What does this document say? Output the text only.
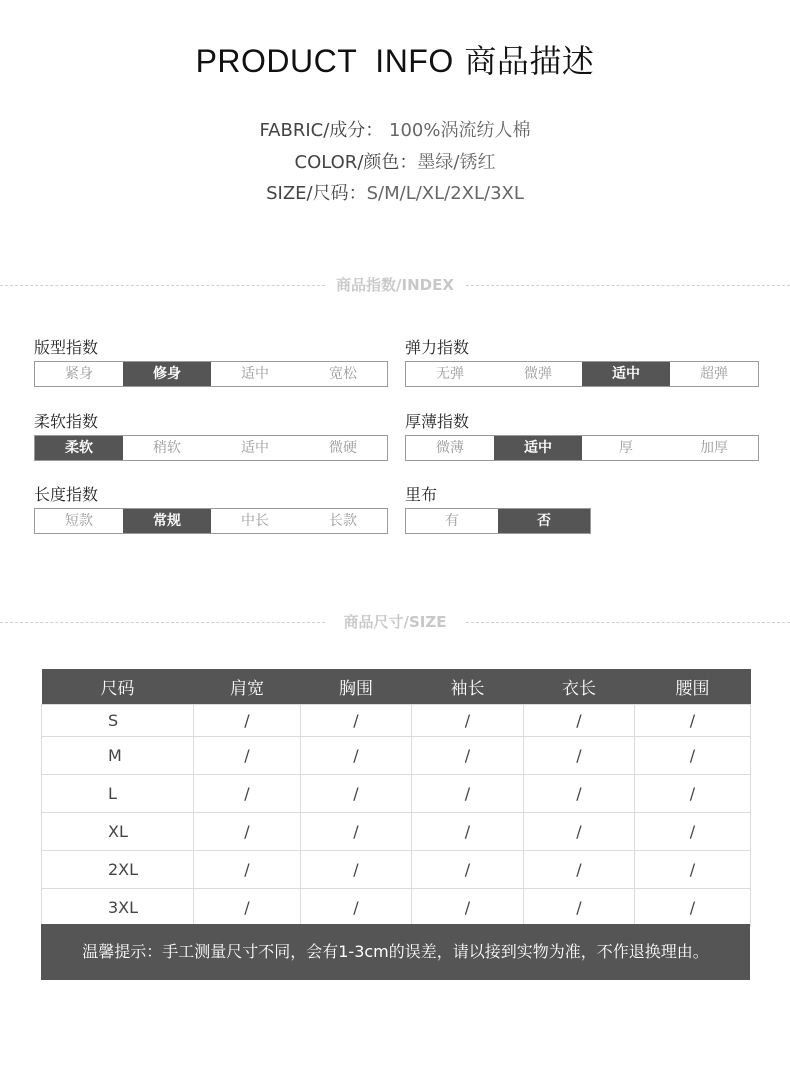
PRODUCT INFO 商品描述
FABRIC/成分： 100%涡流纺人棉
COLOR/颜色：墨绿/锈红
SIZE/尺码：S/M/L/XL/2XL/3XL
商品指数/INDEX
版型指数
紧身	修身	适中	宽松
弹力指数
无弹	微弹	适中	超弹
柔软指数
柔软	稍软	适中	微硬
厚薄指数
微薄	适中	厚	加厚
长度指数
短款	常规	中长	长款
里布
有	否
商品尺寸/SIZE
尺码	肩宽	胸围	袖长	衣长	腰围
S	/	/	/	/	/
M	/	/	/	/	/
L	/	/	/	/	/
XL	/	/	/	/	/
2XL	/	/	/	/	/
3XL	/	/	/	/	/
温馨提示：手工测量尺寸不同，会有1-3cm的误差，请以接到实物为准，不作退换理由。
